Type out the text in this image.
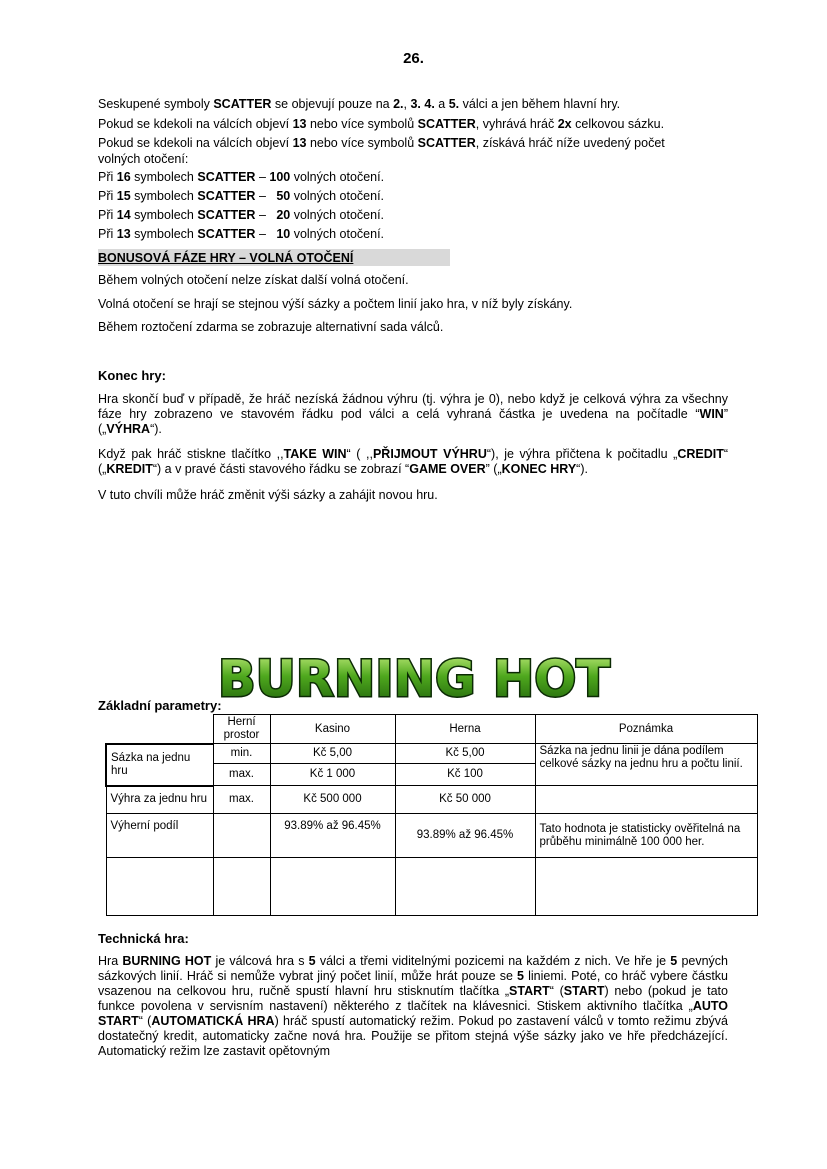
26.
Seskupené symboly SCATTER se objevují pouze na 2., 3. 4. a 5. válci a jen během hlavní hry.
Pokud se kdekoli na válcích objeví 13 nebo více symbolů SCATTER, vyhrává hráč 2x celkovou sázku.
Pokud se kdekoli na válcích objeví 13 nebo více symbolů SCATTER, získává hráč níže uvedený počet
volných otočení:
Při 16 symbolech SCATTER – 100 volných otočení.
Při 15 symbolech SCATTER –   50 volných otočení.
Při 14 symbolech SCATTER –   20 volných otočení.
Při 13 symbolech SCATTER –   10 volných otočení.
BONUSOVÁ FÁZE HRY – VOLNÁ OTOČENÍ
Během volných otočení nelze získat další volná otočení.
Volná otočení se hrají se stejnou výší sázky a počtem linií jako hra, v níž byly získány.
Během roztočení zdarma se zobrazuje alternativní sada válců.
Konec hry:
Hra skončí buď v případě, že hráč nezíská žádnou výhru (tj. výhra je 0), nebo když je celková výhra za všechny fáze hry zobrazeno ve stavovém řádku pod válci a celá vyhraná částka je uvedena na počítadle “WIN” („VÝHRA“).
Když pak hráč stiskne tlačítko ,,TAKE WIN“ ( ,,PŘIJMOUT VÝHRU“), je výhra přičtena k počitadlu „CREDIT“ („KREDIT“) a v pravé části stavového řádku se zobrazí “GAME OVER” („KONEC HRY“).
V tuto chvíli může hráč změnit výši sázky a zahájit novou hru.
BURNING HOT
Základní parametry:
	Herní prostor	Kasino	Herna	Poznámka
Sázka na jednu hru	min.	Kč 5,00	Kč 5,00	Sázka na jednu linii je dána podílem celkové sázky na jednu hru a počtu linií.
	max.	Kč 1 000	Kč 100	
Výhra za jednu hru	max.	Kč 500 000	Kč 50 000	
Výherní podíl		93.89% až 96.45%	93.89% až 96.45%	Tato hodnota je statisticky ověřitelná na průběhu minimálně 100 000 her.

Technická hra:
Hra BURNING HOT je válcová hra s 5 válci a třemi viditelnými pozicemi na každém z nich. Ve hře je 5 pevných sázkových linií. Hráč si nemůže vybrat jiný počet linií, může hrát pouze se 5 liniemi. Poté, co hráč vybere částku vsazenou na celkovou hru, ručně spustí hlavní hru stisknutím tlačítka „START“ (START) nebo (pokud je tato funkce povolena v servisním nastavení) některého z tlačítek na klávesnici. Stiskem aktivního tlačítka „AUTO START“ (AUTOMATICKÁ HRA) hráč spustí automatický režim. Pokud po zastavení válců v tomto režimu zbývá dostatečný kredit, automaticky začne nová hra. Použije se přitom stejná výše sázky jako ve hře předcházející. Automatický režim lze zastavit opětovným
